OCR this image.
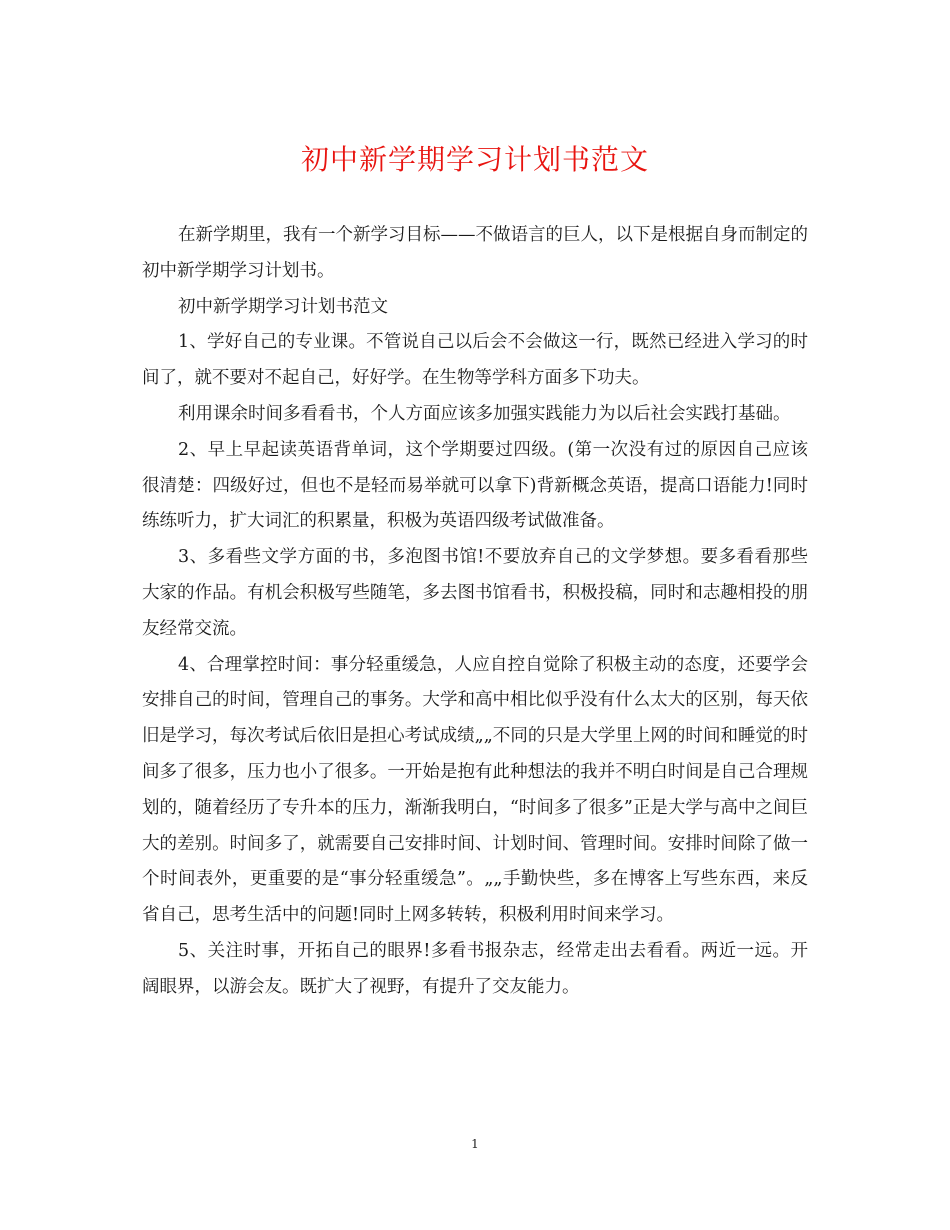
初中新学期学习计划书范文

在新学期里，我有一个新学习目标——不做语言的巨人，以下是根据自身而制定的初中新学期学习计划书。

初中新学期学习计划书范文

1、学好自己的专业课。不管说自己以后会不会做这一行，既然已经进入学习的时间了，就不要对不起自己，好好学。在生物等学科方面多下功夫。

利用课余时间多看看书，个人方面应该多加强实践能力为以后社会实践打基础。

2、早上早起读英语背单词，这个学期要过四级。(第一次没有过的原因自己应该很清楚：四级好过，但也不是轻而易举就可以拿下)背新概念英语，提高口语能力!同时练练听力，扩大词汇的积累量，积极为英语四级考试做准备。

3、多看些文学方面的书，多泡图书馆!不要放弃自己的文学梦想。要多看看那些大家的作品。有机会积极写些随笔，多去图书馆看书，积极投稿，同时和志趣相投的朋友经常交流。

4、合理掌控时间：事分轻重缓急，人应自控自觉除了积极主动的态度，还要学会安排自己的时间，管理自己的事务。大学和高中相比似乎没有什么太大的区别，每天依旧是学习，每次考试后依旧是担心考试成绩„„不同的只是大学里上网的时间和睡觉的时间多了很多，压力也小了很多。一开始是抱有此种想法的我并不明白时间是自己合理规划的，随着经历了专升本的压力，渐渐我明白，“时间多了很多”正是大学与高中之间巨大的差别。时间多了，就需要自己安排时间、计划时间、管理时间。安排时间除了做一个时间表外，更重要的是“事分轻重缓急”。„„手勤快些，多在博客上写些东西，来反省自己，思考生活中的问题!同时上网多转转，积极利用时间来学习。

5、关注时事，开拓自己的眼界!多看书报杂志，经常走出去看看。两近一远。开阔眼界，以游会友。既扩大了视野，有提升了交友能力。

1
